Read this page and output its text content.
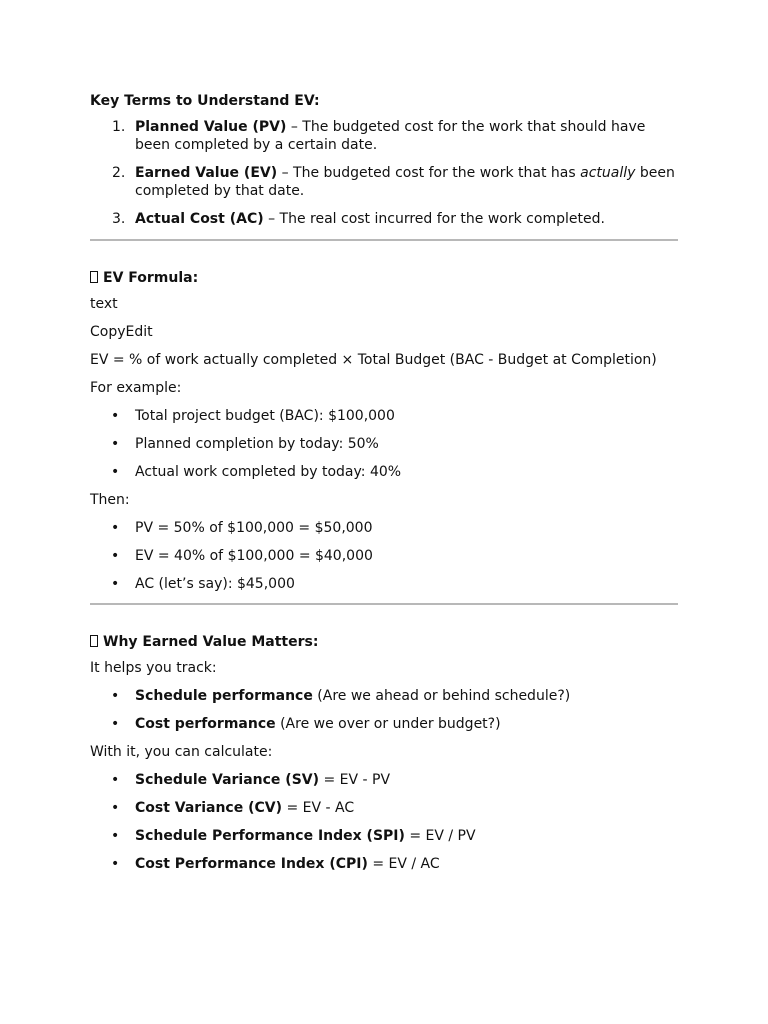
Key Terms to Understand EV:
1. Planned Value (PV) – The budgeted cost for the work that should have been completed by a certain date.
2. Earned Value (EV) – The budgeted cost for the work that has actually been completed by that date.
3. Actual Cost (AC) – The real cost incurred for the work completed.
EV Formula:
text
CopyEdit
EV = % of work actually completed × Total Budget (BAC - Budget at Completion)
For example:
• Total project budget (BAC): $100,000
• Planned completion by today: 50%
• Actual work completed by today: 40%
Then:
• PV = 50% of $100,000 = $50,000
• EV = 40% of $100,000 = $40,000
• AC (let’s say): $45,000
Why Earned Value Matters:
It helps you track:
• Schedule performance (Are we ahead or behind schedule?)
• Cost performance (Are we over or under budget?)
With it, you can calculate:
• Schedule Variance (SV) = EV - PV
• Cost Variance (CV) = EV - AC
• Schedule Performance Index (SPI) = EV / PV
• Cost Performance Index (CPI) = EV / AC
